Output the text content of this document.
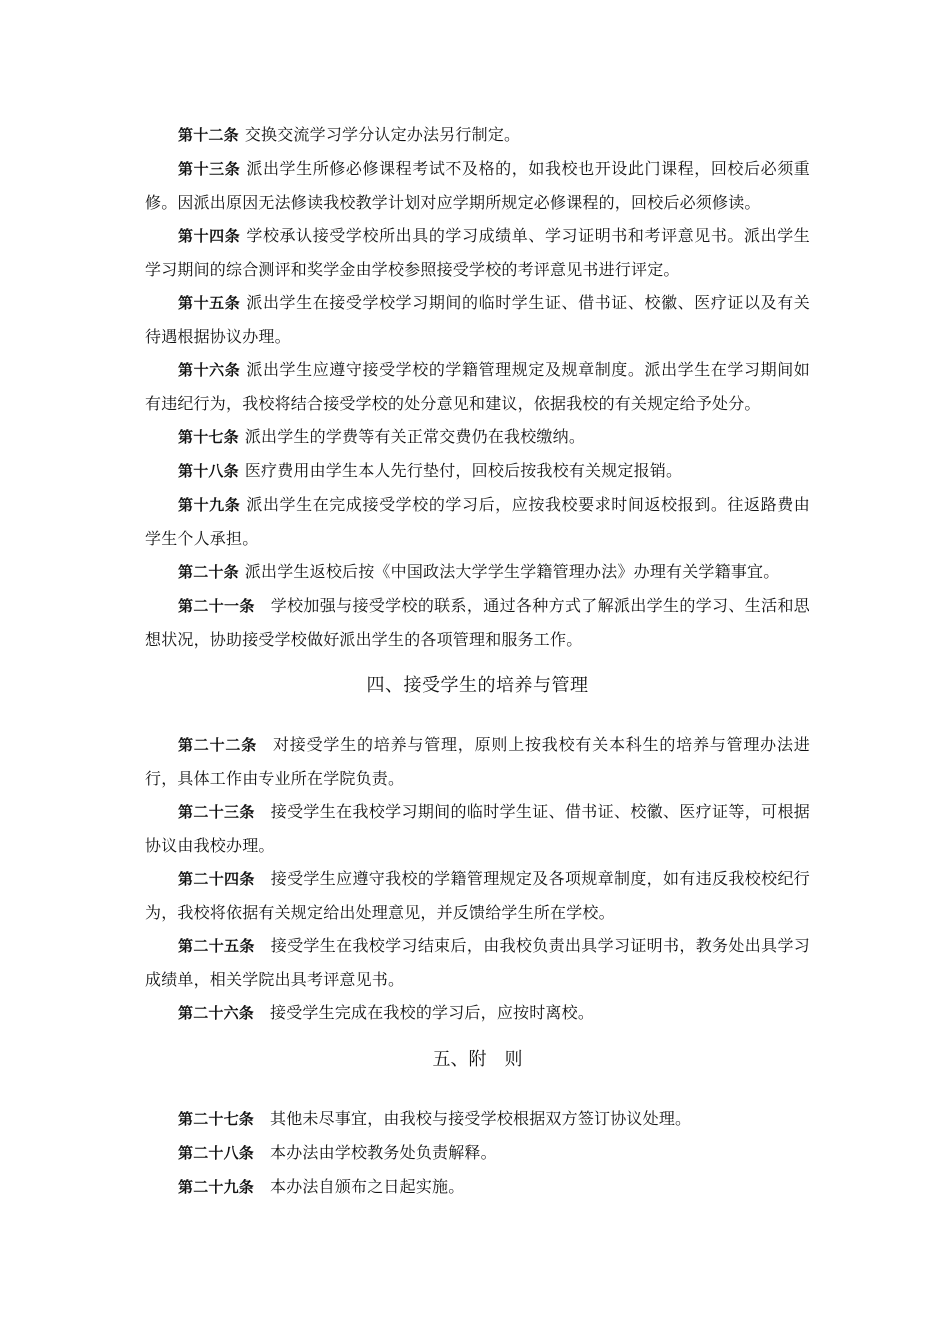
第十二条 交换交流学习学分认定办法另行制定。

第十三条 派出学生所修必修课程考试不及格的，如我校也开设此门课程，回校后必须重修。因派出原因无法修读我校教学计划对应学期所规定必修课程的，回校后必须修读。

第十四条 学校承认接受学校所出具的学习成绩单、学习证明书和考评意见书。派出学生学习期间的综合测评和奖学金由学校参照接受学校的考评意见书进行评定。

第十五条 派出学生在接受学校学习期间的临时学生证、借书证、校徽、医疗证以及有关待遇根据协议办理。

第十六条 派出学生应遵守接受学校的学籍管理规定及规章制度。派出学生在学习期间如有违纪行为，我校将结合接受学校的处分意见和建议，依据我校的有关规定给予处分。

第十七条 派出学生的学费等有关正常交费仍在我校缴纳。

第十八条 医疗费用由学生本人先行垫付，回校后按我校有关规定报销。

第十九条 派出学生在完成接受学校的学习后，应按我校要求时间返校报到。往返路费由学生个人承担。

第二十条 派出学生返校后按《中国政法大学学生学籍管理办法》办理有关学籍事宜。

第二十一条 学校加强与接受学校的联系，通过各种方式了解派出学生的学习、生活和思想状况，协助接受学校做好派出学生的各项管理和服务工作。

四、接受学生的培养与管理

第二十二条 对接受学生的培养与管理，原则上按我校有关本科生的培养与管理办法进行，具体工作由专业所在学院负责。

第二十三条 接受学生在我校学习期间的临时学生证、借书证、校徽、医疗证等，可根据协议由我校办理。

第二十四条 接受学生应遵守我校的学籍管理规定及各项规章制度，如有违反我校校纪行为，我校将依据有关规定给出处理意见，并反馈给学生所在学校。

第二十五条 接受学生在我校学习结束后，由我校负责出具学习证明书，教务处出具学习成绩单，相关学院出具考评意见书。

第二十六条 接受学生完成在我校的学习后，应按时离校。

五、附　则

第二十七条 其他未尽事宜，由我校与接受学校根据双方签订协议处理。

第二十八条 本办法由学校教务处负责解释。

第二十九条 本办法自颁布之日起实施。
